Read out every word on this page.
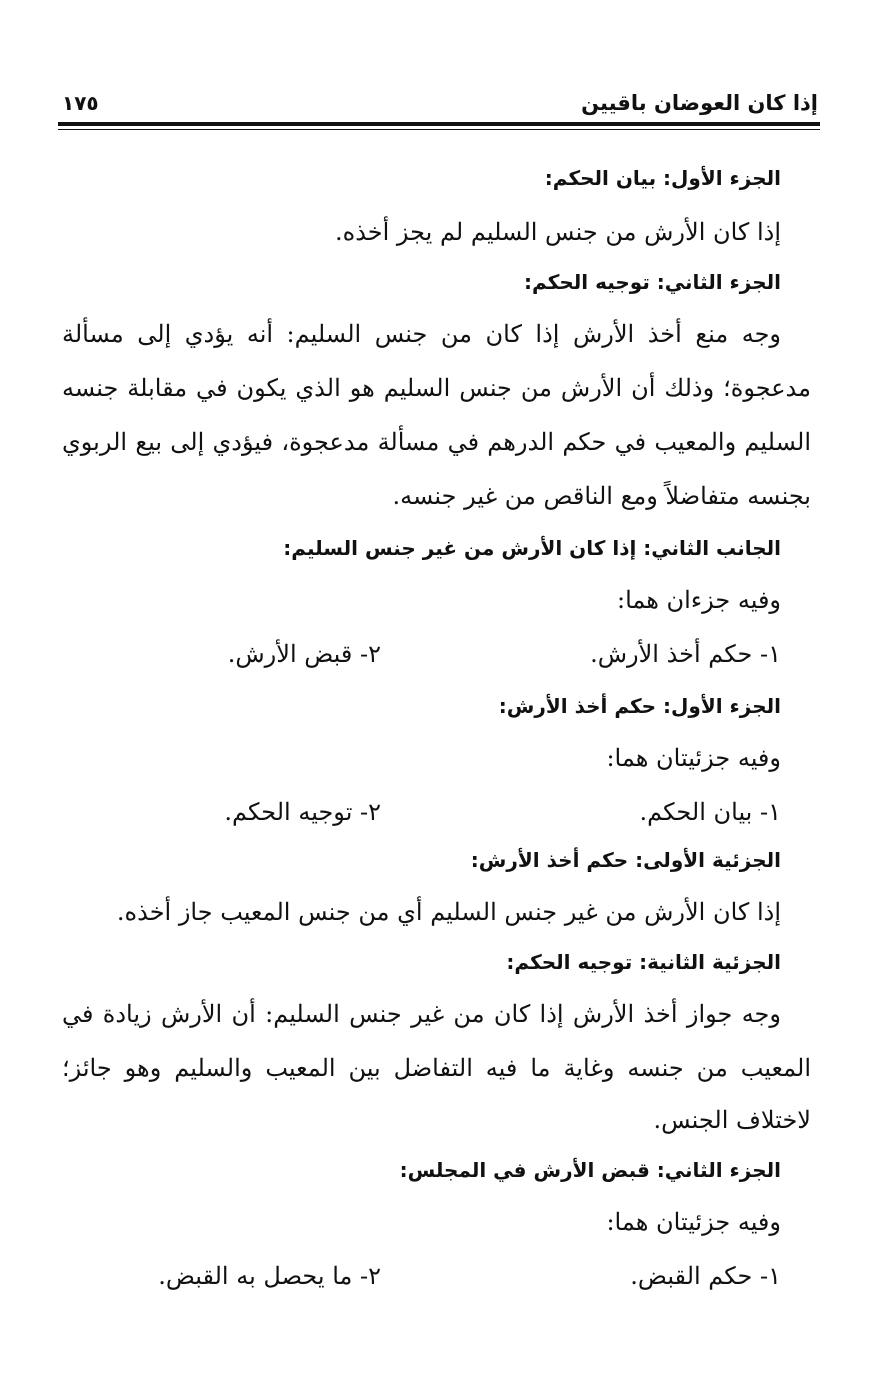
إذا كان العوضان باقيين
١٧٥
الجزء الأول: بيان الحكم:
إذا كان الأرش من جنس السليم لم يجز أخذه.
الجزء الثاني: توجيه الحكم:
وجه منع أخذ الأرش إذا كان من جنس السليم: أنه يؤدي إلى مسألة
مدعجوة؛ وذلك أن الأرش من جنس السليم هو الذي يكون في مقابلة جنسه
السليم والمعيب في حكم الدرهم في مسألة مدعجوة، فيؤدي إلى بيع الربوي
بجنسه متفاضلاً ومع الناقص من غير جنسه.
الجانب الثاني: إذا كان الأرش من غير جنس السليم:
وفيه جزءان هما:
١- حكم أخذ الأرش.
٢- قبض الأرش.
الجزء الأول: حكم أخذ الأرش:
وفيه جزئيتان هما:
١- بيان الحكم.
٢- توجيه الحكم.
الجزئية الأولى: حكم أخذ الأرش:
إذا كان الأرش من غير جنس السليم أي من جنس المعيب جاز أخذه.
الجزئية الثانية: توجيه الحكم:
وجه جواز أخذ الأرش إذا كان من غير جنس السليم: أن الأرش زيادة في
المعيب من جنسه وغاية ما فيه التفاضل بين المعيب والسليم وهو جائز؛
لاختلاف الجنس.
الجزء الثاني: قبض الأرش في المجلس:
وفيه جزئيتان هما:
١- حكم القبض.
٢- ما يحصل به القبض.
